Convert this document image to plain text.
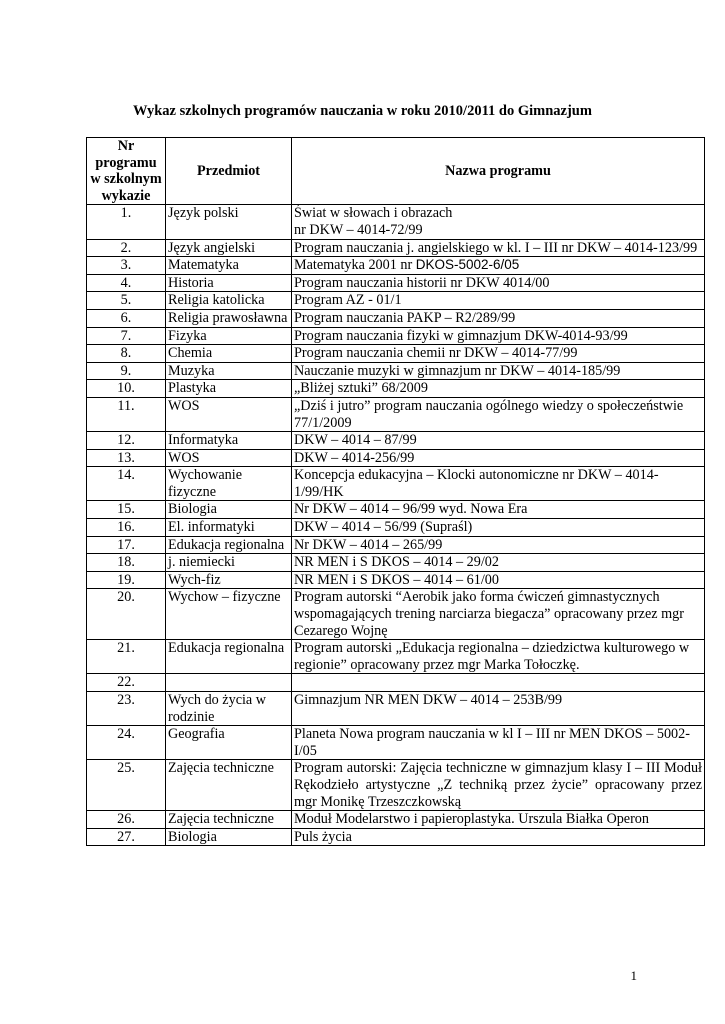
Wykaz szkolnych programów nauczania w roku 2010/2011 do Gimnazjum
Nr programu w szkolnym wykazie	Przedmiot	Nazwa programu
1.	Język polski	Świat w słowach i obrazach
nr DKW – 4014-72/99
2.	Język angielski	Program nauczania j. angielskiego w kl. I – III nr DKW – 4014-123/99
3.	Matematyka	Matematyka 2001 nr DKOS-5002-6/05
4.	Historia	Program nauczania historii nr DKW 4014/00
5.	Religia katolicka	Program AZ - 01/1
6.	Religia prawosławna	Program nauczania PAKP – R2/289/99
7.	Fizyka	Program nauczania fizyki w gimnazjum DKW-4014-93/99
8.	Chemia	Program nauczania chemii nr DKW – 4014-77/99
9.	Muzyka	Nauczanie muzyki w gimnazjum nr DKW – 4014-185/99
10.	Plastyka	„Bliżej sztuki” 68/2009
11.	WOS	„Dziś i jutro” program nauczania ogólnego wiedzy o społeczeństwie 77/1/2009
12.	Informatyka	DKW – 4014 – 87/99
13.	WOS	DKW – 4014-256/99
14.	Wychowanie fizyczne	Koncepcja edukacyjna – Klocki autonomiczne nr DKW – 4014-1/99/HK
15.	Biologia	Nr DKW – 4014 – 96/99 wyd. Nowa Era
16.	El. informatyki	DKW – 4014 – 56/99 (Supraśl)
17.	Edukacja regionalna	Nr DKW – 4014 – 265/99
18.	j. niemiecki	NR MEN i S DKOS – 4014 – 29/02
19.	Wych-fiz	NR MEN i S DKOS – 4014 – 61/00
20.	Wychow – fizyczne	Program autorski “Aerobik jako forma ćwiczeń gimnastycznych wspomagających trening narciarza biegacza” opracowany przez mgr Cezarego Wojnę
21.	Edukacja regionalna	Program autorski „Edukacja regionalna – dziedzictwa kulturowego w regionie” opracowany przez mgr Marka Tołoczkę.
22.		
23.	Wych do życia w rodzinie	Gimnazjum NR MEN DKW – 4014 – 253B/99
24.	Geografia	Planeta Nowa program nauczania w kl I – III nr MEN DKOS – 5002-I/05
25.	Zajęcia techniczne	Program autorski: Zajęcia techniczne w gimnazjum klasy I – III Moduł Rękodzieło artystyczne „Z techniką przez życie” opracowany przez mgr Monikę Trzeszczkowską
26.	Zajęcia techniczne	Moduł Modelarstwo i papieroplastyka. Urszula Białka Operon
27.	Biologia	Puls życia
1
